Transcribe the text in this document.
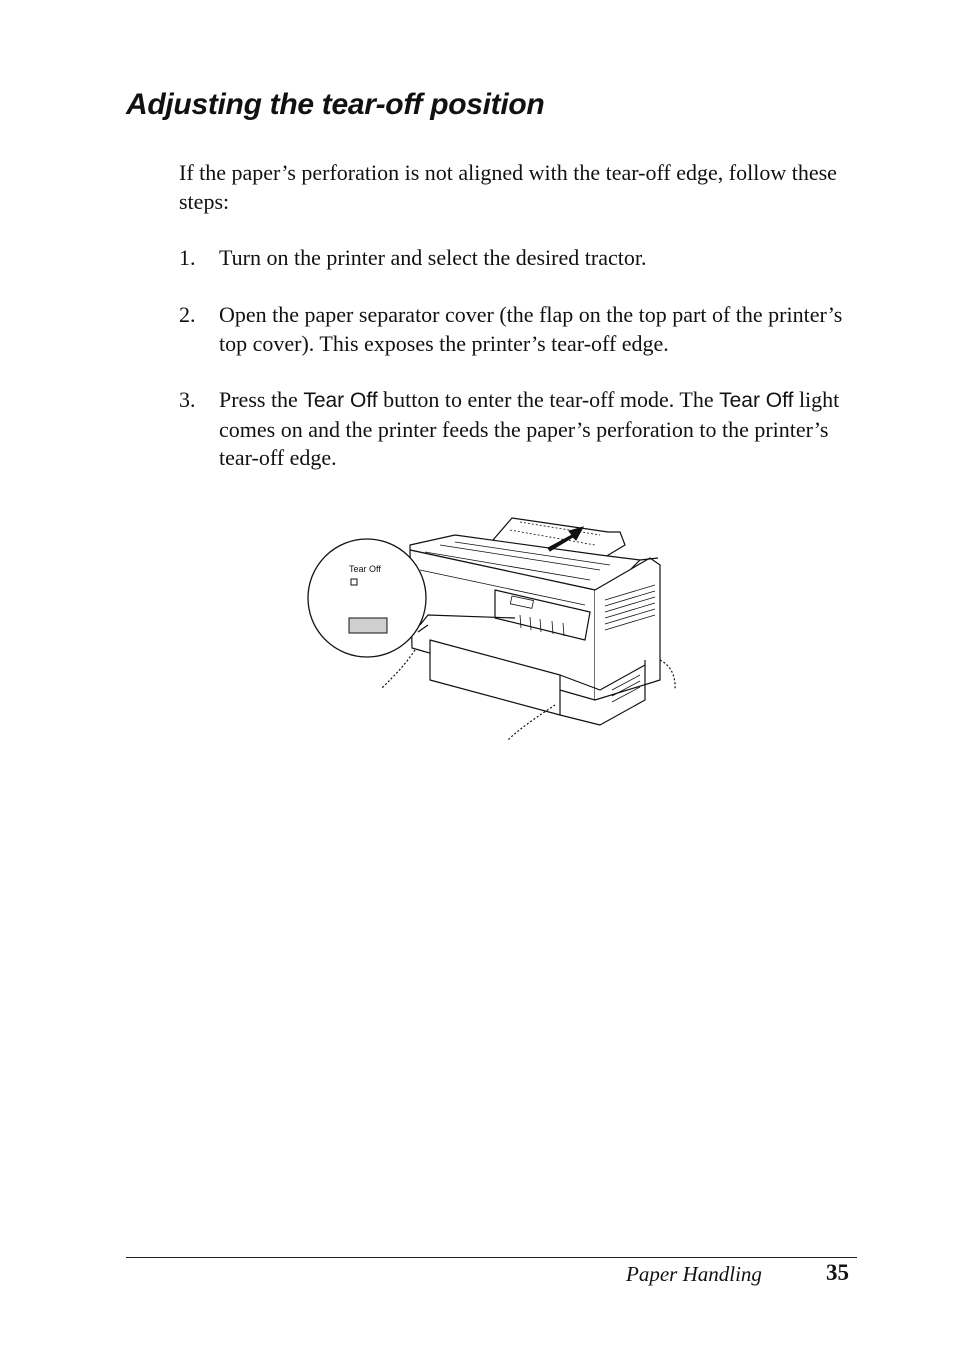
Adjusting the tear-off position

If the paper’s perforation is not aligned with the tear-off edge, follow these steps:

1. Turn on the printer and select the desired tractor.
2. Open the paper separator cover (the flap on the top part of the printer’s top cover). This exposes the printer’s tear-off edge.
3. Press the Tear Off button to enter the tear-off mode. The Tear Off light comes on and the printer feeds the paper’s perforation to the printer’s tear-off edge.
Tear Off
Paper Handling	35
